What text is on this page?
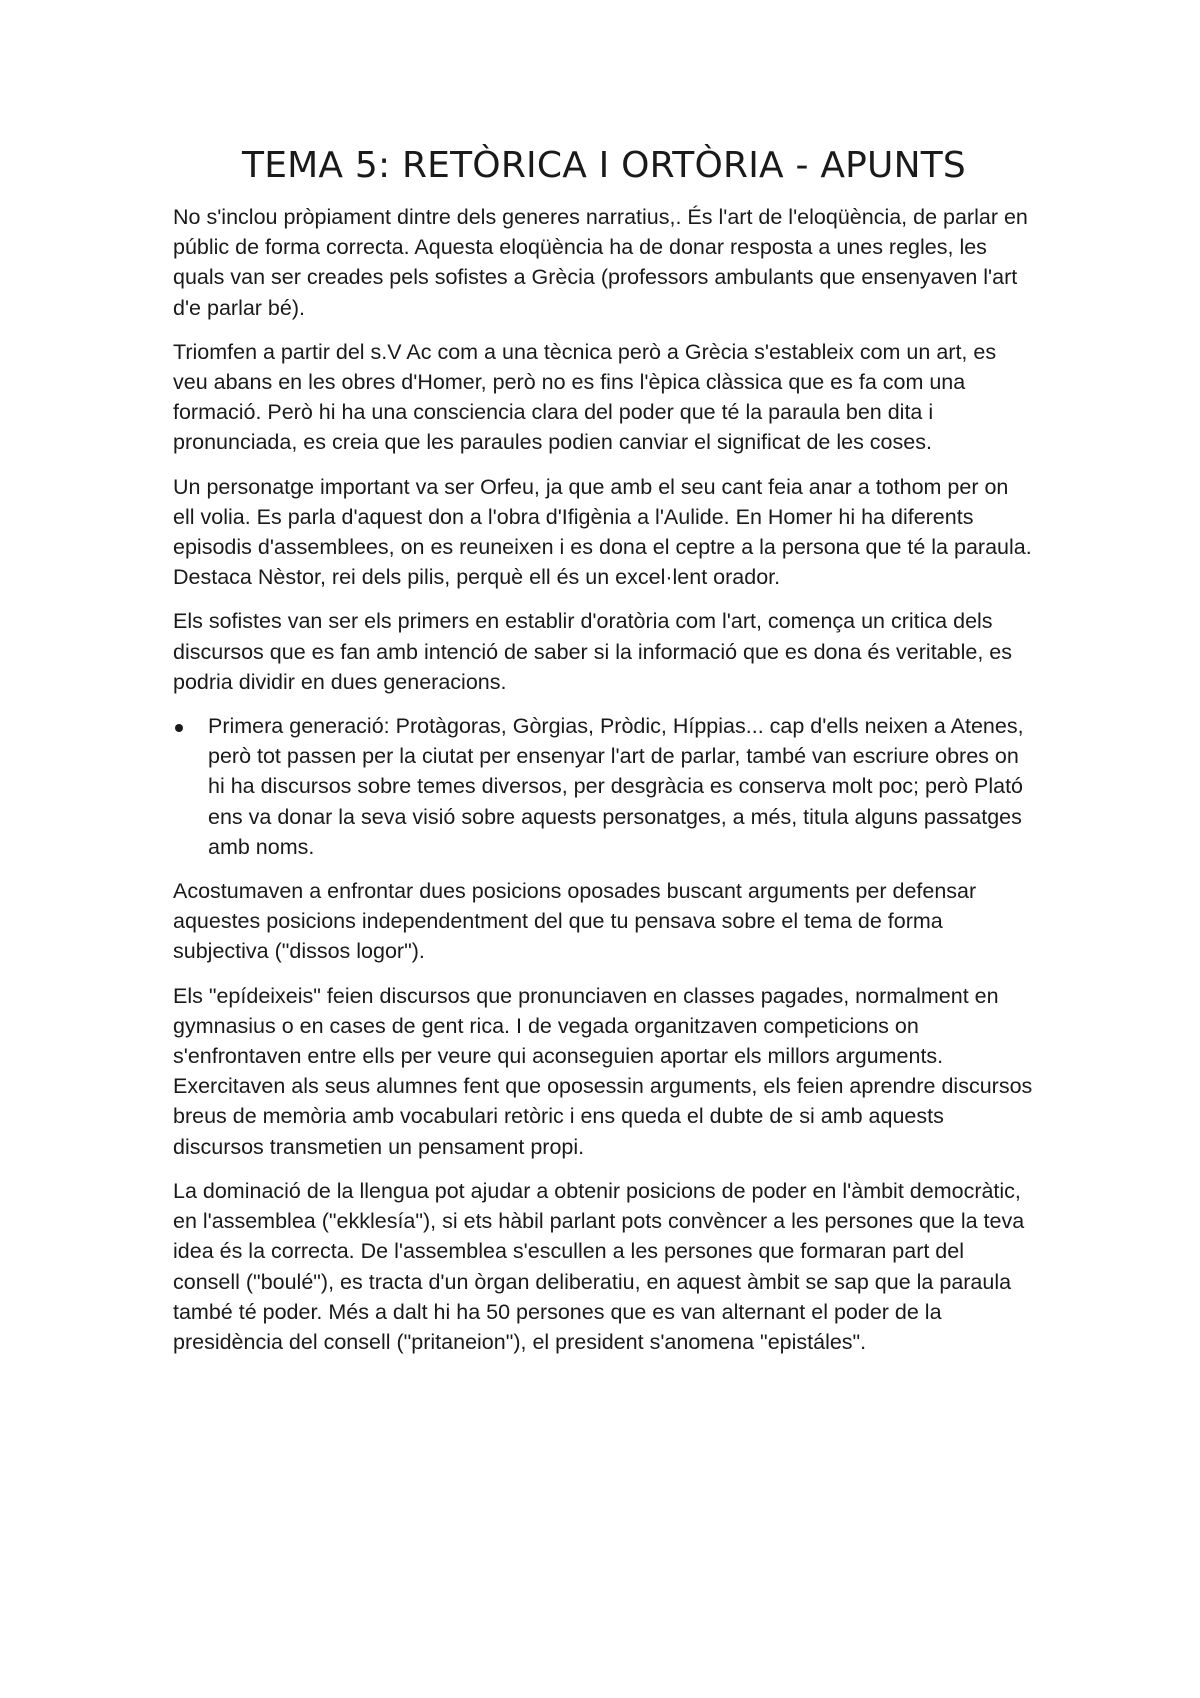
TEMA 5: RETÒRICA I ORTÒRIA - APUNTS

No s'inclou pròpiament dintre dels generes narratius,. És l'art de l'eloqüència, de parlar en públic de forma correcta. Aquesta eloqüència ha de donar resposta a unes regles, les quals van ser creades pels sofistes a Grècia (professors ambulants que ensenyaven l'art d'e parlar bé).

Triomfen a partir del s.V Ac com a una tècnica però a Grècia s'estableix com un art, es veu abans en les obres d'Homer, però no es fins l'èpica clàssica que es fa com una formació. Però hi ha una consciencia clara del poder que té la paraula ben dita i pronunciada, es creia que les paraules podien canviar el significat de les coses.

Un personatge important va ser Orfeu, ja que amb el seu cant feia anar a tothom per on ell volia. Es parla d'aquest don a l'obra d'Ifigènia a l'Aulide. En Homer hi ha diferents episodis d'assemblees, on es reuneixen i es dona el ceptre a la persona que té la paraula. Destaca Nèstor, rei dels pilis, perquè ell és un excel·lent orador.

Els sofistes van ser els primers en establir d'oratòria com l'art, comença un critica dels discursos que es fan amb intenció de saber si la informació que es dona és veritable, es podria dividir en dues generacions.

Primera generació: Protàgoras, Gòrgias, Pròdic, Híppias... cap d'ells neixen a Atenes, però tot passen per la ciutat per ensenyar l'art de parlar, també van escriure obres on hi ha discursos sobre temes diversos, per desgràcia es conserva molt poc; però Plató ens va donar la seva visió sobre aquests personatges, a més, titula alguns passatges amb noms.

Acostumaven a enfrontar dues posicions oposades buscant arguments per defensar aquestes posicions independentment del que tu pensava sobre el tema de forma subjectiva ("dissos logor").

Els "epídeixeis" feien discursos que pronunciaven en classes pagades, normalment en gymnasius o en cases de gent rica. I de vegada organitzaven competicions on s'enfrontaven entre ells per veure qui aconseguien aportar els millors arguments. Exercitaven als seus alumnes fent que oposessin arguments, els feien aprendre discursos breus de memòria amb vocabulari retòric i ens queda el dubte de si amb aquests discursos transmetien un pensament propi.

La dominació de la llengua pot ajudar a obtenir posicions de poder en l'àmbit democràtic, en l'assemblea ("ekklesía"), si ets hàbil parlant pots convèncer a les persones que la teva idea és la correcta. De l'assemblea s'escullen a les persones que formaran part del consell ("boulé"), es tracta d'un òrgan deliberatiu, en aquest àmbit se sap que la paraula també té poder. Més a dalt hi ha 50 persones que es van alternant el poder de la presidència del consell ("pritaneion"), el president s'anomena "epistáles".
